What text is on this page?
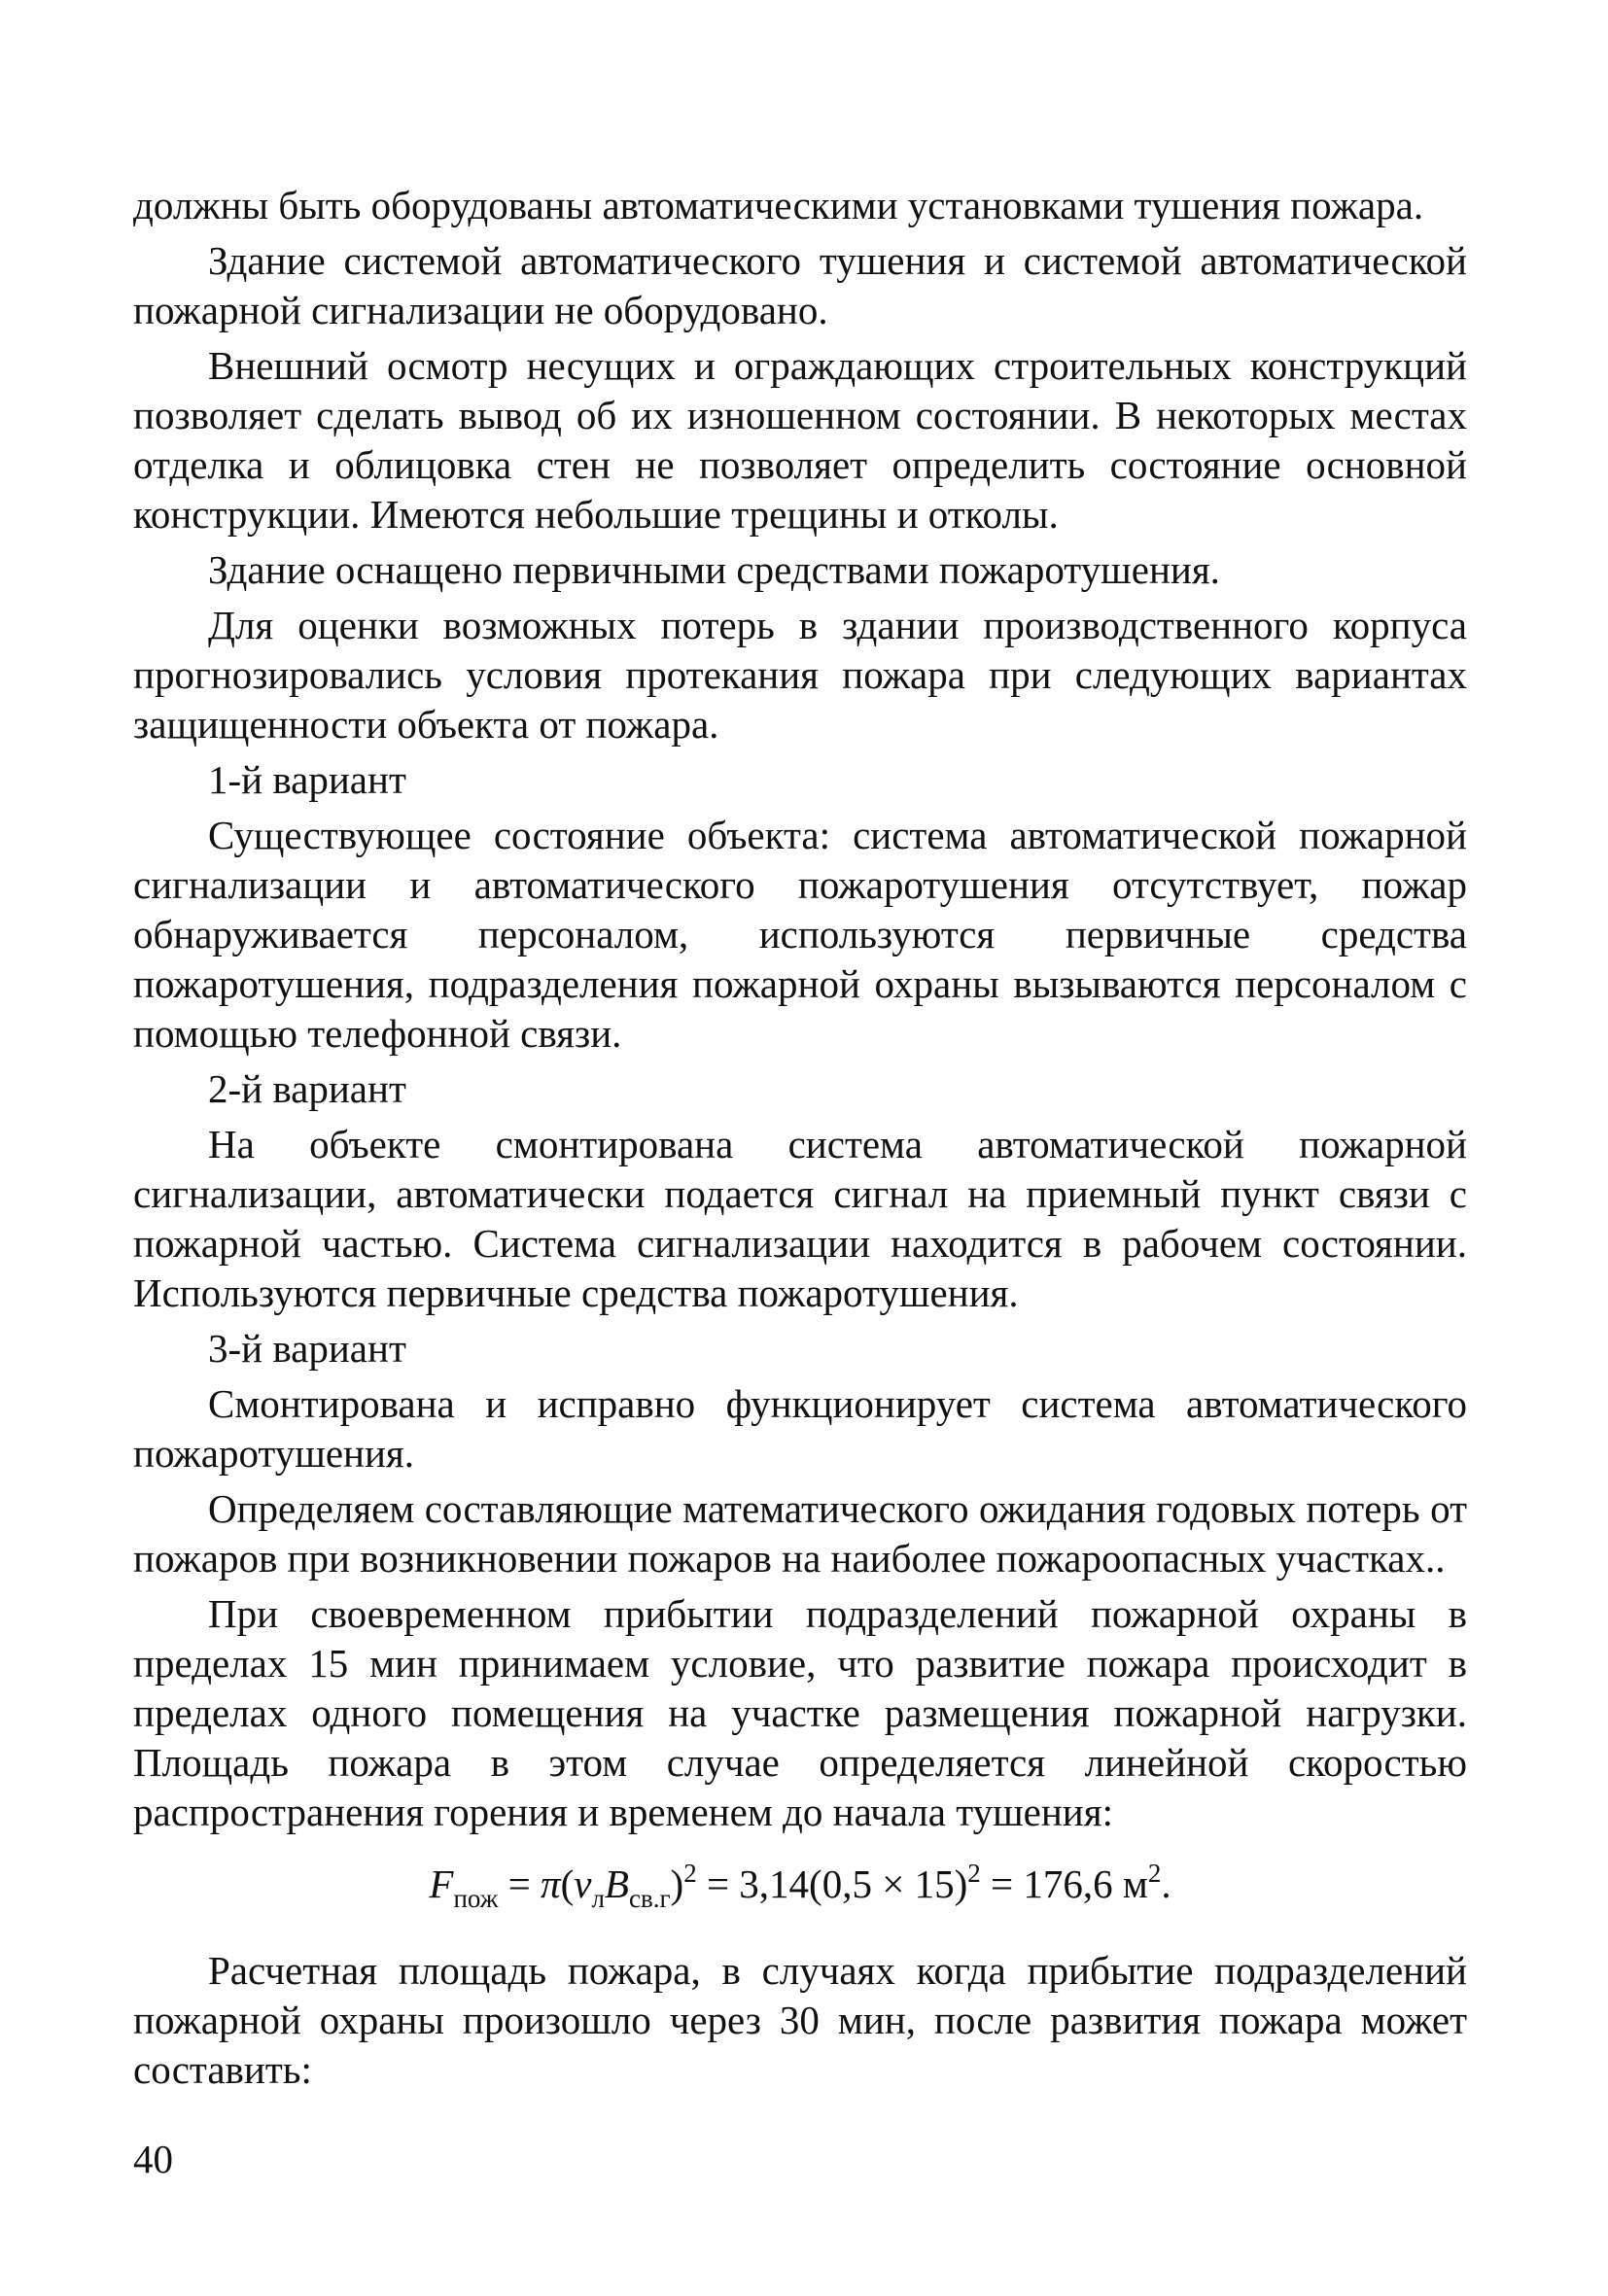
должны быть оборудованы автоматическими установками тушения пожара.

Здание системой автоматического тушения и системой автоматической пожарной сигнализации не оборудовано.

Внешний осмотр несущих и ограждающих строительных конструкций позволяет сделать вывод об их изношенном состоянии. В некоторых местах отделка и облицовка стен не позволяет определить состояние основной конструкции. Имеются небольшие трещины и отколы.

Здание оснащено первичными средствами пожаротушения.

Для оценки возможных потерь в здании производственного корпуса прогнозировались условия протекания пожара при следующих вариантах защищенности объекта от пожара.

1-й вариант

Существующее состояние объекта: система автоматической пожарной сигнализации и автоматического пожаротушения отсутствует, пожар обнаруживается персоналом, используются первичные средства пожаротушения, подразделения пожарной охраны вызываются персоналом с помощью телефонной связи.

2-й вариант

На объекте смонтирована система автоматической пожарной сигнализации, автоматически подается сигнал на приемный пункт связи с пожарной частью. Система сигнализации находится в рабочем состоянии. Используются первичные средства пожаротушения.

3-й вариант

Смонтирована и исправно функционирует система автоматического пожаротушения.

Определяем составляющие математического ожидания годовых потерь от пожаров при возникновении пожаров на наиболее пожароопасных участках..

При своевременном прибытии подразделений пожарной охраны в пределах 15 мин принимаем условие, что развитие пожара происходит в пределах одного помещения на участке размещения пожарной нагрузки. Площадь пожара в этом случае определяется линейной скоростью распространения горения и временем до начала тушения:

$F_{пож} = \pi(v_лB_{св.г})^2 = 3,14(0,5 \times 15)^2 = 176,6$ $м^2$.

Расчетная площадь пожара, в случаях когда прибытие подразделений пожарной охраны произошло через 30 мин, после развития пожара может составить:

40
